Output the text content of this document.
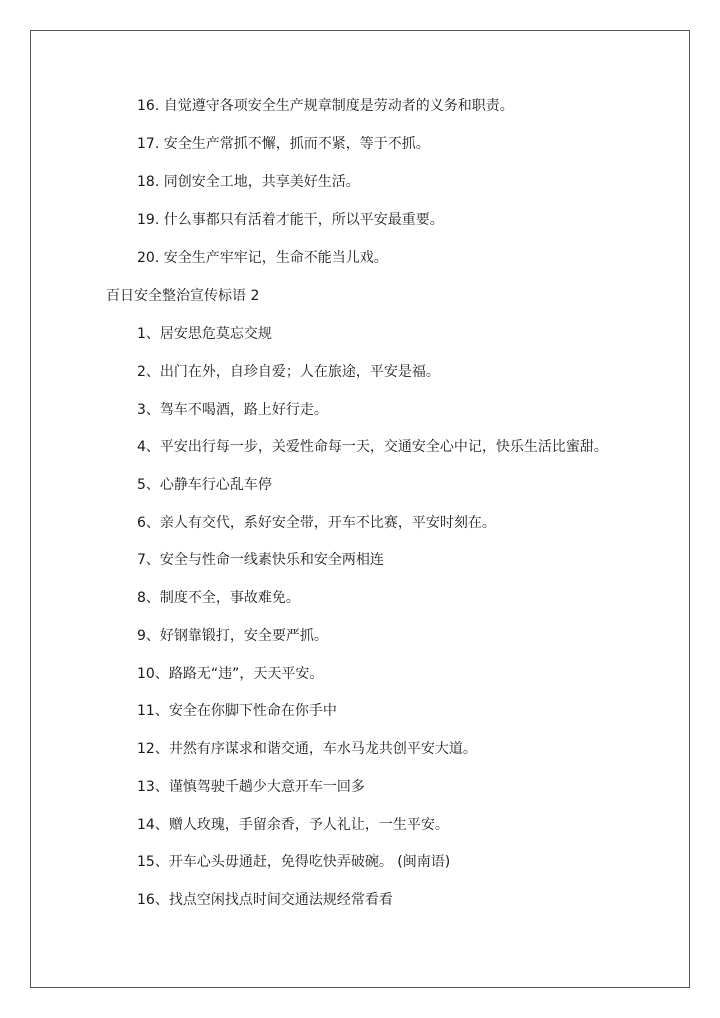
16. 自觉遵守各项安全生产规章制度是劳动者的义务和职责。
17. 安全生产常抓不懈，抓而不紧，等于不抓。
18. 同创安全工地，共享美好生活。
19. 什么事都只有活着才能干，所以平安最重要。
20. 安全生产牢牢记，生命不能当儿戏。
百日安全整治宣传标语 2
1、居安思危莫忘交规
2、出门在外，自珍自爱；人在旅途，平安是福。
3、驾车不喝酒，路上好行走。
4、平安出行每一步，关爱性命每一天，交通安全心中记，快乐生活比蜜甜。
5、心静车行心乱车停
6、亲人有交代，系好安全带，开车不比赛，平安时刻在。
7、安全与性命一线素快乐和安全两相连
8、制度不全，事故难免。
9、好钢靠锻打，安全要严抓。
10、路路无“违”，天天平安。
11、安全在你脚下性命在你手中
12、井然有序谋求和谐交通，车水马龙共创平安大道。
13、谨慎驾驶千趟少大意开车一回多
14、赠人玫瑰，手留余香，予人礼让，一生平安。
15、开车心头毋通赶，免得吃快弄破碗。 (闽南语)
16、找点空闲找点时间交通法规经常看看
